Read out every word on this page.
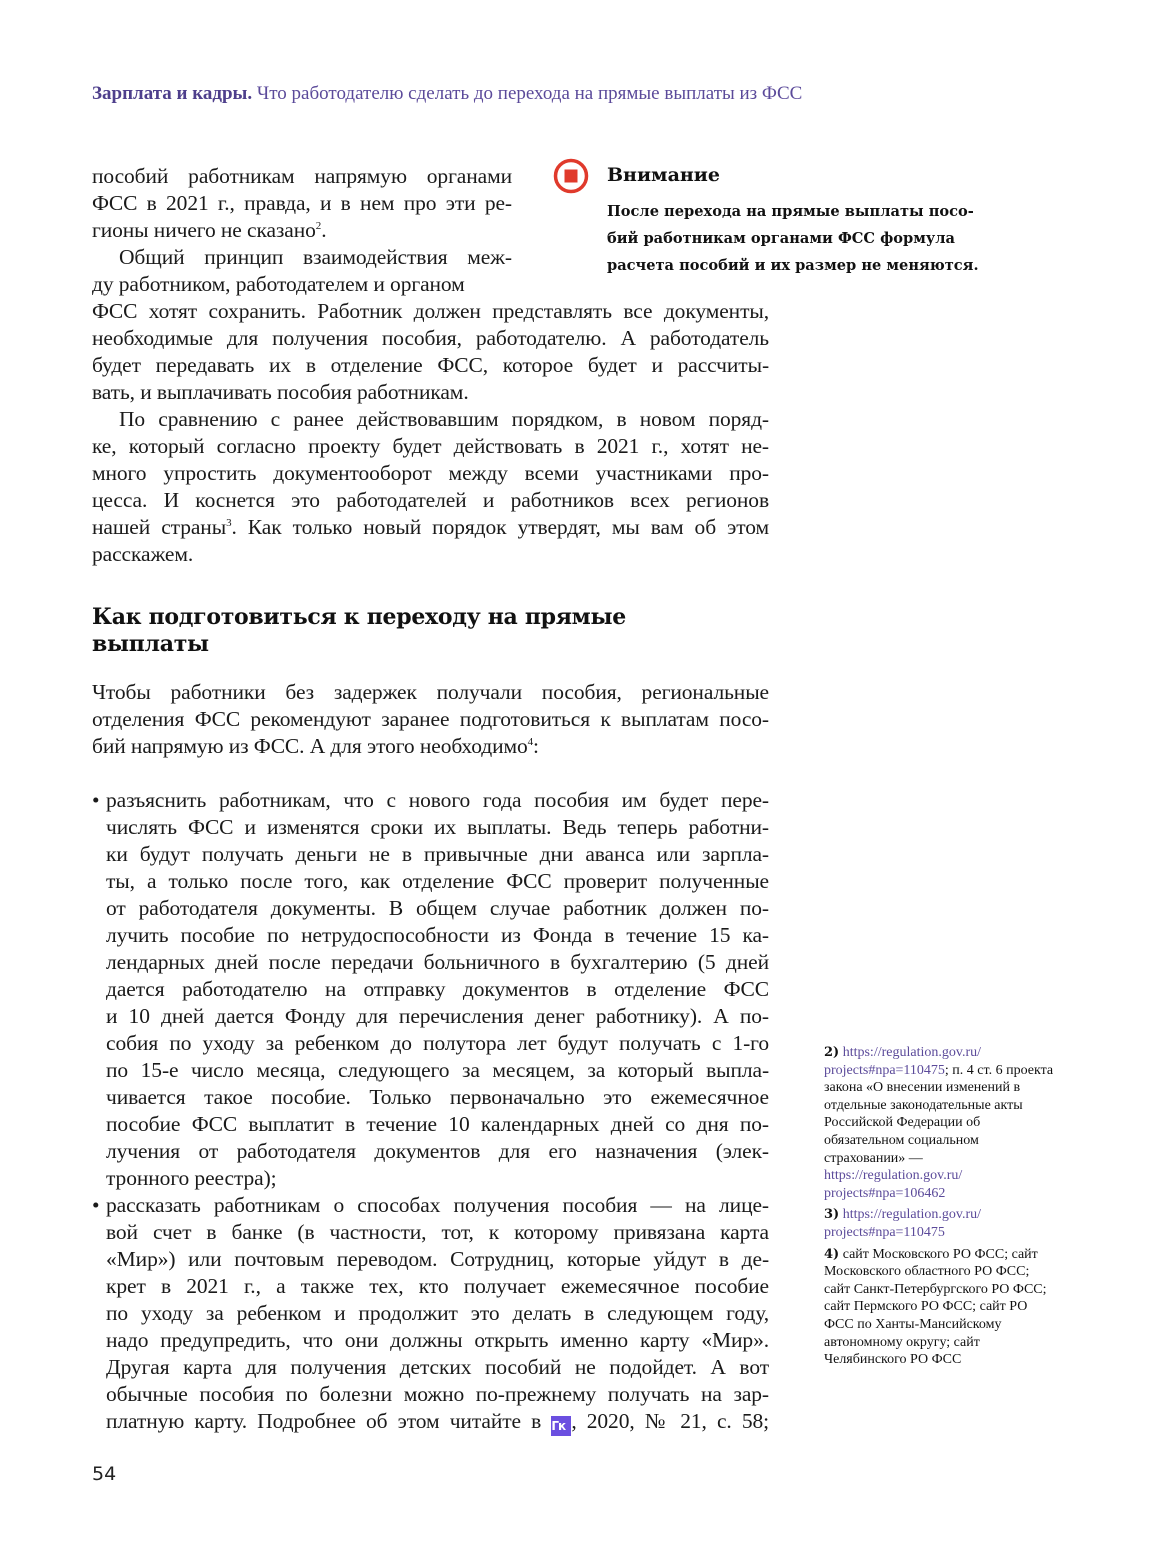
Зарплата и кадры. Что работодателю сделать до перехода на прямые выплаты из ФСС
пособий работникам напрямую органами
ФСС в 2021 г., правда, и в нем про эти ре-
гионы ничего не сказано$^2$.
Общий принцип взаимодействия меж-
ду работником, работодателем и органом
ФСС хотят сохранить. Работник должен представлять все документы,
необходимые для получения пособия, работодателю. А работодатель
будет передавать их в отделение ФСС, которое будет и рассчиты-
вать, и выплачивать пособия работникам.
По сравнению с ранее действовавшим порядком, в новом поряд-
ке, который согласно проекту будет действовать в 2021 г., хотят не-
много упростить документооборот между всеми участниками про-
цесса. И коснется это работодателей и работников всех регионов
нашей страны$^3$. Как только новый порядок утвердят, мы вам об этом
расскажем.
Внимание
После перехода на прямые выплаты посо-
бий работникам органами ФСС формула
расчета пособий и их размер не меняются.
Как подготовиться к переходу на прямые
выплаты
Чтобы работники без задержек получали пособия, региональные
отделения ФСС рекомендуют заранее подготовиться к выплатам посо-
бий напрямую из ФСС. А для этого необходимо$^4$:
• разъяснить работникам, что с нового года пособия им будет пере-
числять ФСС и изменятся сроки их выплаты. Ведь теперь работни-
ки будут получать деньги не в привычные дни аванса или зарпла-
ты, а только после того, как отделение ФСС проверит полученные
от работодателя документы. В общем случае работник должен по-
лучить пособие по нетрудоспособности из Фонда в течение 15 ка-
лендарных дней после передачи больничного в бухгалтерию (5 дней
дается работодателю на отправку документов в отделение ФСС
и 10 дней дается Фонду для перечисления денег работнику). А по-
собия по уходу за ребенком до полутора лет будут получать с 1-го
по 15-е число месяца, следующего за месяцем, за который выпла-
чивается такое пособие. Только первоначально это ежемесячное
пособие ФСС выплатит в течение 10 календарных дней со дня по-
лучения от работодателя документов для его назначения (элек-
тронного реестра);
• рассказать работникам о способах получения пособия — на лице-
вой счет в банке (в частности, тот, к которому привязана карта
«Мир») или почтовым переводом. Сотрудниц, которые уйдут в де-
крет в 2021 г., а также тех, кто получает ежемесячное пособие
по уходу за ребенком и продолжит это делать в следующем году,
надо предупредить, что они должны открыть именно карту «Мир».
Другая карта для получения детских пособий не подойдет. А вот
обычные пособия по болезни можно по-прежнему получать на зар-
платную карту. Подробнее об этом читайте в Гк , 2020, № 21, с. 58;
2) https://regulation.gov.ru/ projects#npa=110475; п. 4 ст. 6 проекта закона «О внесении изменений в отдельные законодательные акты Российской Федерации об обязательном социальном страховании» — https://regulation.gov.ru/ projects#npa=106462
3) https://regulation.gov.ru/ projects#npa=110475
4) сайт Московского РО ФСС; сайт Московского областного РО ФСС; сайт Санкт-Петербургского РО ФСС; сайт Пермского РО ФСС; сайт РО ФСС по Ханты-Мансийскому автономному округу; сайт Челябинского РО ФСС
54
